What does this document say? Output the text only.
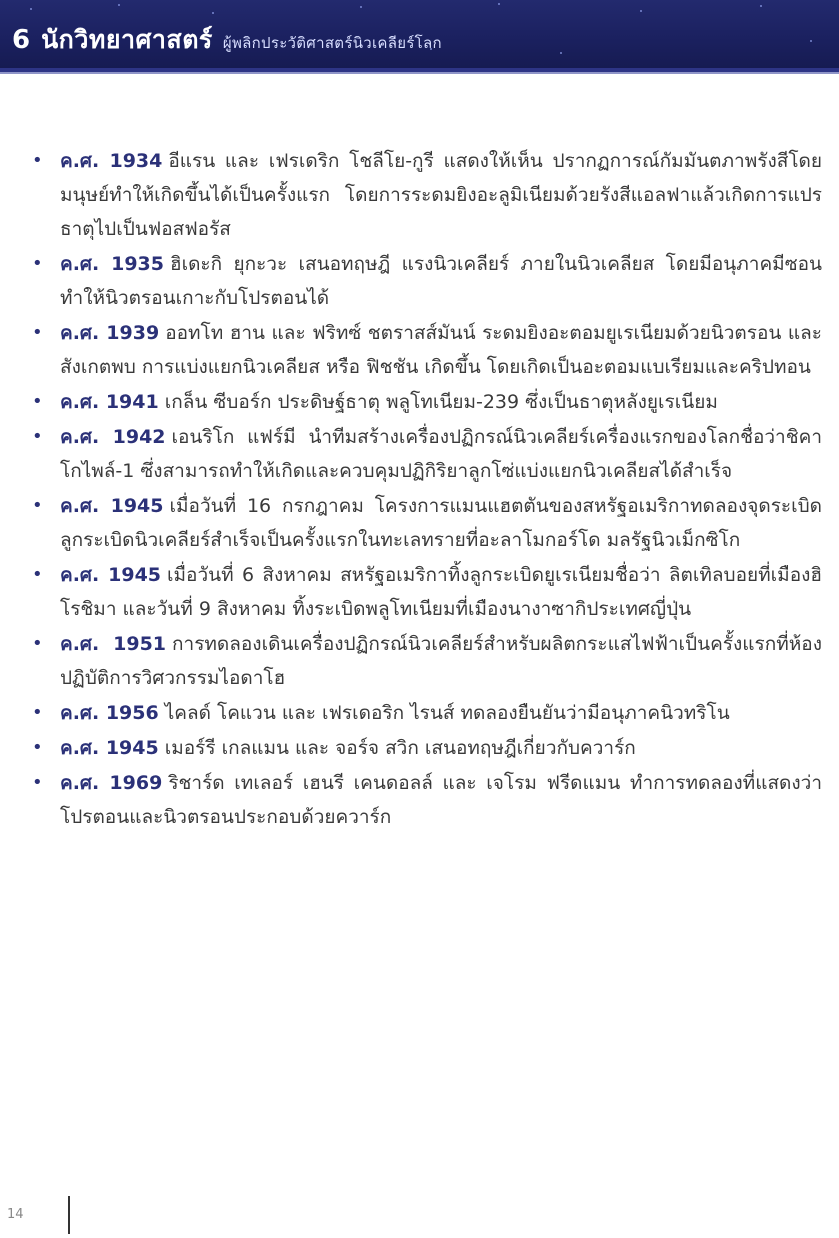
6 นักวิทยาศาสตร์ ผู้พลิกประวัติศาสตร์นิวเคลียร์โลก
• ค.ศ. 1934 อีแรน และ เฟรเดริก โชลีโย-กูรี แสดงให้เห็น ปรากฏการณ์กัมมันตภาพรังสีโดยมนุษย์ทำให้เกิดขึ้นได้เป็นครั้งแรก โดยการระดมยิงอะลูมิเนียมด้วยรังสีแอลฟาแล้วเกิดการแปรธาตุไปเป็นฟอสฟอรัส
• ค.ศ. 1935 ฮิเดะกิ ยุกะวะ เสนอทฤษฎี แรงนิวเคลียร์ ภายในนิวเคลียส โดยมีอนุภาคมีซอนทำให้นิวตรอนเกาะกับโปรตอนได้
• ค.ศ. 1939 ออทโท ฮาน และ ฟริทซ์ ชตราสส์มันน์ ระดมยิงอะตอมยูเรเนียมด้วยนิวตรอน และสังเกตพบ การแบ่งแยกนิวเคลียส หรือ ฟิชชัน เกิดขึ้น โดยเกิดเป็นอะตอมแบเรียมและคริปทอน
• ค.ศ. 1941 เกล็น ซีบอร์ก ประดิษฐ์ธาตุ พลูโทเนียม-239 ซึ่งเป็นธาตุหลังยูเรเนียม
• ค.ศ. 1942 เอนริโก แฟร์มี นำทีมสร้างเครื่องปฏิกรณ์นิวเคลียร์เครื่องแรกของโลกชื่อว่าชิคาโกไพล์-1 ซึ่งสามารถทำให้เกิดและควบคุมปฏิกิริยาลูกโซ่แบ่งแยกนิวเคลียสได้สำเร็จ
• ค.ศ. 1945 เมื่อวันที่ 16 กรกฎาคม โครงการแมนแฮตตันของสหรัฐอเมริกาทดลองจุดระเบิดลูกระเบิดนิวเคลียร์สำเร็จเป็นครั้งแรกในทะเลทรายที่อะลาโมกอร์โด มลรัฐนิวเม็กซิโก
• ค.ศ. 1945 เมื่อวันที่ 6 สิงหาคม สหรัฐอเมริกาทิ้งลูกระเบิดยูเรเนียมชื่อว่า ลิตเทิลบอยที่เมืองฮิโรชิมา และวันที่ 9 สิงหาคม ทิ้งระเบิดพลูโทเนียมที่เมืองนางาซากิประเทศญี่ปุ่น
• ค.ศ. 1951 การทดลองเดินเครื่องปฏิกรณ์นิวเคลียร์สำหรับผลิตกระแสไฟฟ้าเป็นครั้งแรกที่ห้องปฏิบัติการวิศวกรรมไอดาโฮ
• ค.ศ. 1956 ไคลด์ โคแวน และ เฟรเดอริก ไรนส์ ทดลองยืนยันว่ามีอนุภาคนิวทริโน
• ค.ศ. 1945 เมอร์รี เกลแมน และ จอร์จ สวิก เสนอทฤษฎีเกี่ยวกับควาร์ก
• ค.ศ. 1969 ริชาร์ด เทเลอร์ เฮนรี เคนดอลล์ และ เจโรม ฟรีดแมน ทำการทดลองที่แสดงว่าโปรตอนและนิวตรอนประกอบด้วยควาร์ก
14
